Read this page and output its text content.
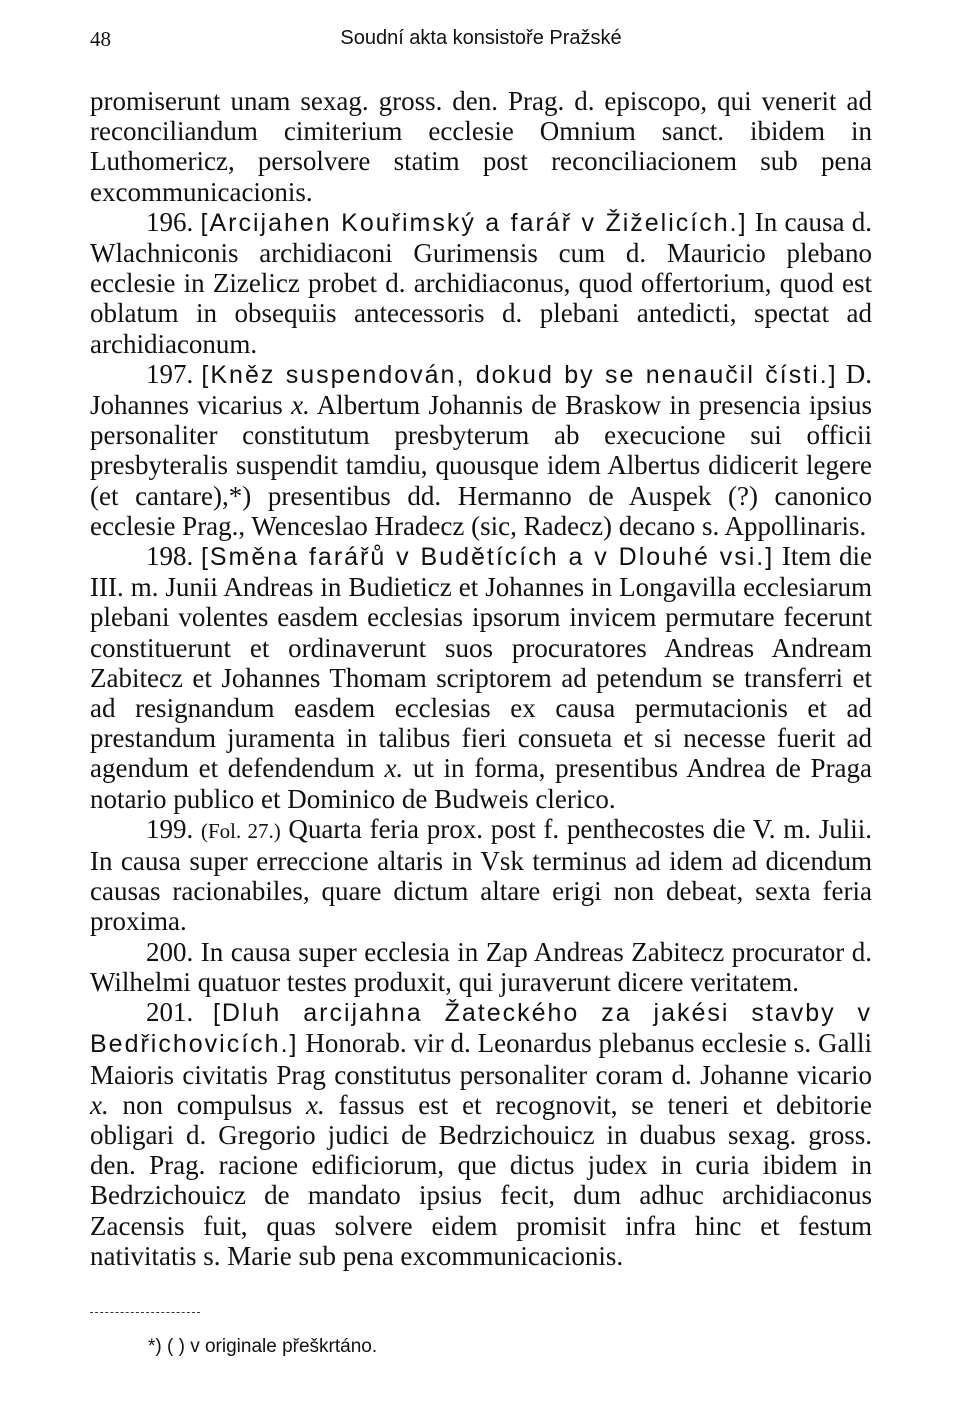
48	Soudní akta konsistoře Pražské

promiserunt unam sexag. gross. den. Prag. d. episcopo, qui venerit ad reconciliandum cimiterium ecclesie Omnium sanct. ibidem in Luthomericz, persolvere statim post reconciliacionem sub pena excommunicacionis.

196. [Arcijahen Kouřimský a farář v Žiželicích.] In causa d. Wlachniconis archidiaconi Gurimensis cum d. Mauricio plebano ecclesie in Zizelicz probet d. archidiaconus, quod offertorium, quod est oblatum in obsequiis antecessoris d. plebani antedicti, spectat ad archidiaconum.

197. [Kněz suspendován, dokud by se nenaučil čísti.] D. Johannes vicarius x. Albertum Johannis de Braskow in presencia ipsius personaliter constitutum presbyterum ab execucione sui officii presbyteralis suspendit tamdiu, quousque idem Albertus didicerit legere (et cantare),*) presentibus dd. Hermanno de Auspek (?) canonico ecclesie Prag., Wenceslao Hradecz (sic, Radecz) decano s. Appollinaris.

198. [Směna farářů v Budětících a v Dlouhé vsi.] Item die III. m. Junii Andreas in Budieticz et Johannes in Longavilla ecclesiarum plebani volentes easdem ecclesias ipsorum invicem permutare fecerunt constituerunt et ordinaverunt suos procuratores Andreas Andream Zabitecz et Johannes Thomam scriptorem ad petendum se transferri et ad resignandum easdem ecclesias ex causa permutacionis et ad prestandum juramenta in talibus fieri consueta et si necesse fuerit ad agendum et defendendum x. ut in forma, presentibus Andrea de Praga notario publico et Dominico de Budweis clerico.

199. (Fol. 27.) Quarta feria prox. post f. penthecostes die V. m. Julii. In causa super erreccione altaris in Vsk terminus ad idem ad dicendum causas racionabiles, quare dictum altare erigi non debeat, sexta feria proxima.

200. In causa super ecclesia in Zap Andreas Zabitecz procurator d. Wilhelmi quatuor testes produxit, qui juraverunt dicere veritatem.

201. [Dluh arcijahna Žateckého za jakési stavby v Bedřichovicích.] Honorab. vir d. Leonardus plebanus ecclesie s. Galli Maioris civitatis Prag constitutus personaliter coram d. Johanne vicario x. non compulsus x. fassus est et recognovit, se teneri et debitorie obligari d. Gregorio judici de Bedrzichouicz in duabus sexag. gross. den. Prag. racione edificiorum, que dictus judex in curia ibidem in Bedrzichouicz de mandato ipsius fecit, dum adhuc archidiaconus Zacensis fuit, quas solvere eidem promisit infra hinc et festum nativitatis s. Marie sub pena excommunicacionis.

*) ( ) v originale přeškrtáno.
